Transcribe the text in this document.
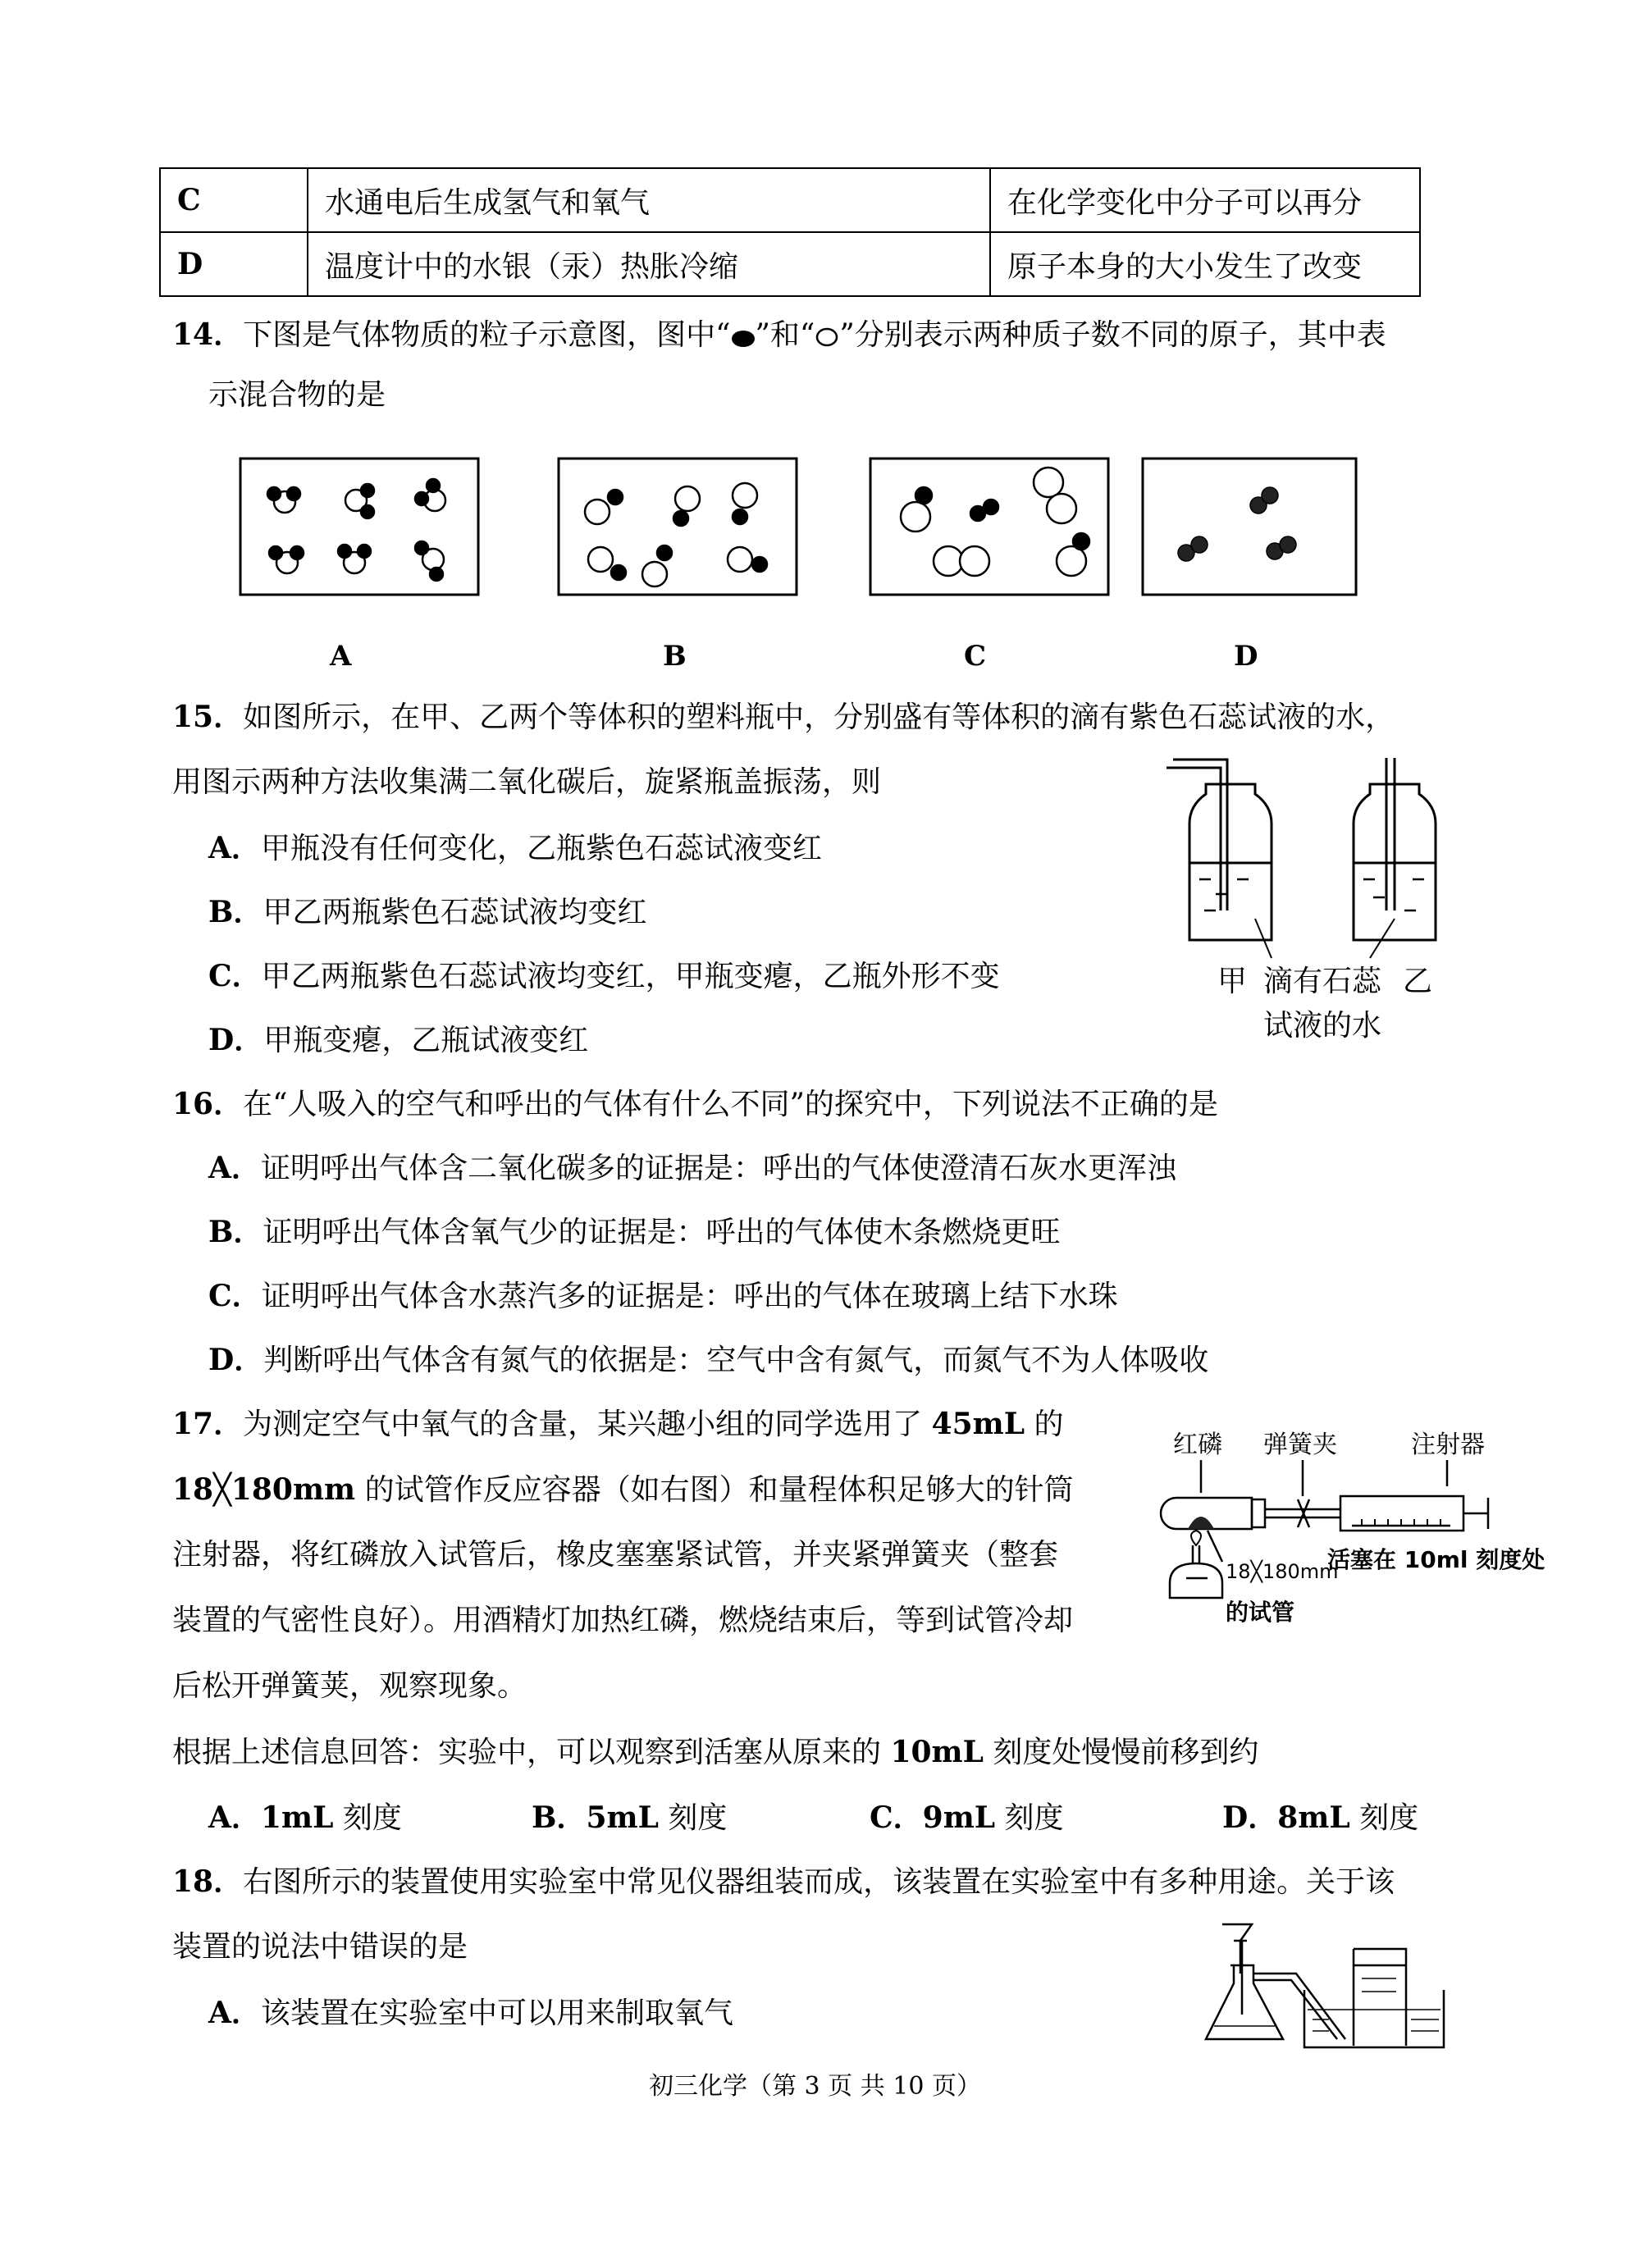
C	水通电后生成氢气和氧气	在化学变化中分子可以再分
D	温度计中的水银（汞）热胀冷缩	原子本身的大小发生了改变
14．下图是气体物质的粒子示意图，图中“ ”和“ ”分别表示两种质子数不同的原子，其中表
示混合物的是
A	B	C	D
15．如图所示，在甲、乙两个等体积的塑料瓶中，分别盛有等体积的滴有紫色石蕊试液的水，
用图示两种方法收集满二氧化碳后，旋紧瓶盖振荡，则
A．甲瓶没有任何变化，乙瓶紫色石蕊试液变红
B．甲乙两瓶紫色石蕊试液均变红
C．甲乙两瓶紫色石蕊试液均变红，甲瓶变瘪，乙瓶外形不变
D．甲瓶变瘪，乙瓶试液变红
甲 滴有石蕊
试液的水
乙
16．在“人吸入的空气和呼出的气体有什么不同”的探究中，下列说法不正确的是
A．证明呼出气体含二氧化碳多的证据是：呼出的气体使澄清石灰水更浑浊
B．证明呼出气体含氧气少的证据是：呼出的气体使木条燃烧更旺
C．证明呼出气体含水蒸汽多的证据是：呼出的气体在玻璃上结下水珠
D．判断呼出气体含有氮气的依据是：空气中含有氮气，而氮气不为人体吸收
17．为测定空气中氧气的含量，某兴趣小组的同学选用了 45mL 的
18╳180mm 的试管作反应容器（如右图）和量程体积足够大的针筒
注射器，将红磷放入试管后，橡皮塞塞紧试管，并夹紧弹簧夹（整套
装置的气密性良好）。用酒精灯加热红磷，燃烧结束后，等到试管冷却
后松开弹簧荚，观察现象。
根据上述信息回答：实验中，可以观察到活塞从原来的 10mL 刻度处慢慢前移到约
A．1mL 刻度	B．5mL 刻度	C．9mL 刻度	D．8mL 刻度
红磷 弹簧夹	注射器
活塞在 10ml 刻度处
18╳180mm
的试管
18．右图所示的装置使用实验室中常见仪器组装而成，该装置在实验室中有多种用途。关于该
装置的说法中错误的是
A．该装置在实验室中可以用来制取氧气
初三化学（第 3 页 共 10 页）
